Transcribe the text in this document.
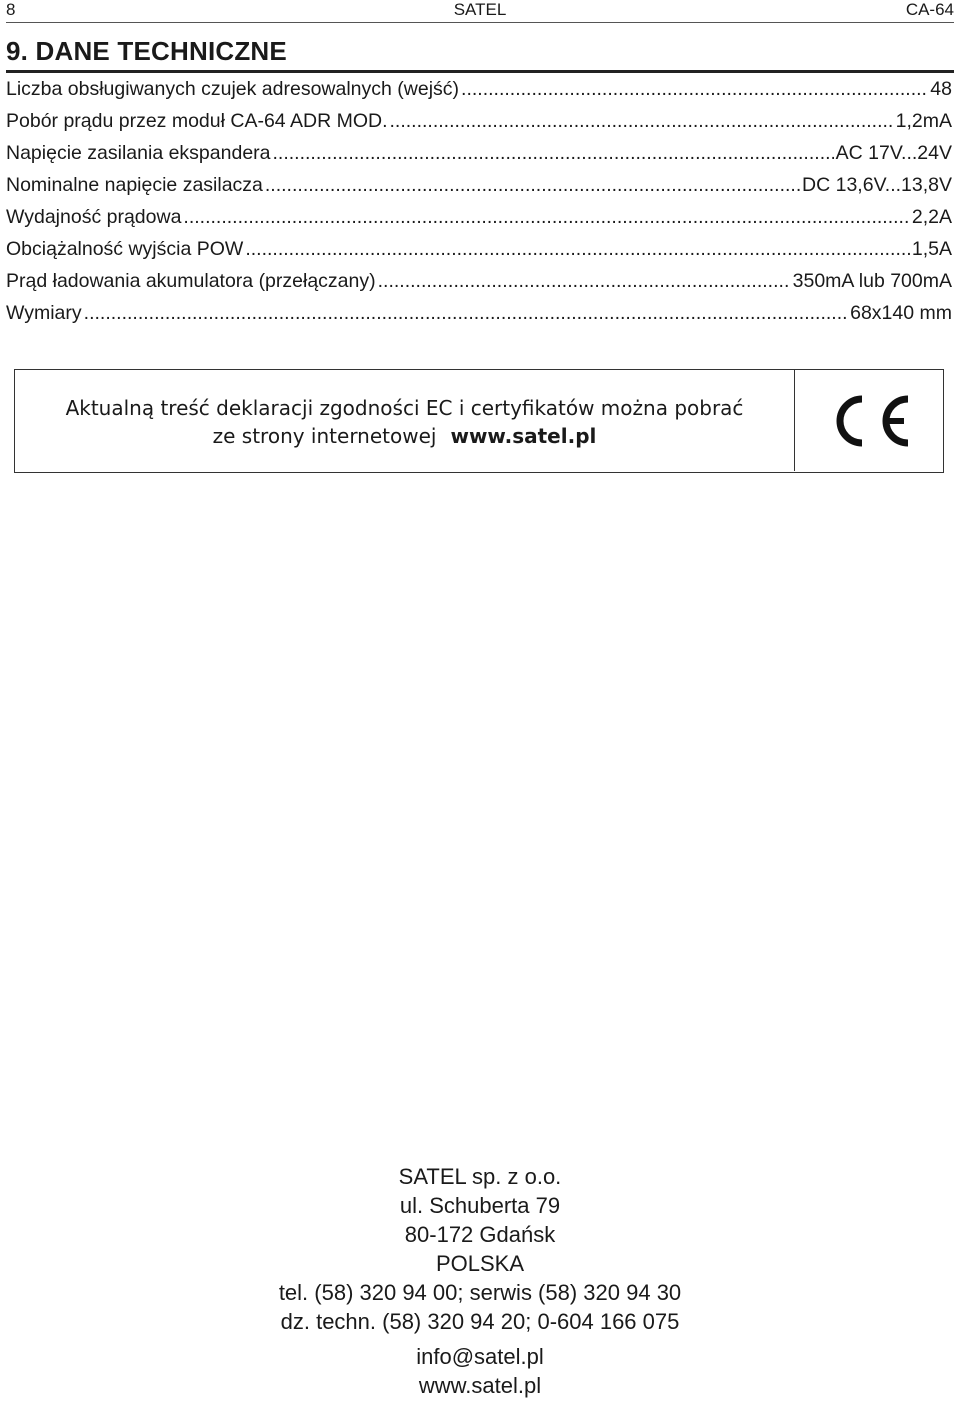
8	SATEL	CA-64
9. DANE TECHNICZNE
Liczba obsługiwanych czujek adresowalnych (wejść) .....	48
Pobór prądu przez moduł CA-64 ADR MOD. .....	1,2mA
Napięcie zasilania ekspandera .....	AC 17V...24V
Nominalne napięcie zasilacza .....	DC 13,6V...13,8V
Wydajność prądowa .....	2,2A
Obciążalność wyjścia POW .....	1,5A
Prąd ładowania akumulatora (przełączany) .....	350mA lub 700mA
Wymiary .....	68x140 mm
Aktualną treść deklaracji zgodności EC i certyfikatów można pobrać
ze strony internetowej www.satel.pl
SATEL sp. z o.o.
ul. Schuberta 79
80-172 Gdańsk
POLSKA
tel. (58) 320 94 00; serwis (58) 320 94 30
dz. techn. (58) 320 94 20; 0-604 166 075
info@satel.pl
www.satel.pl
